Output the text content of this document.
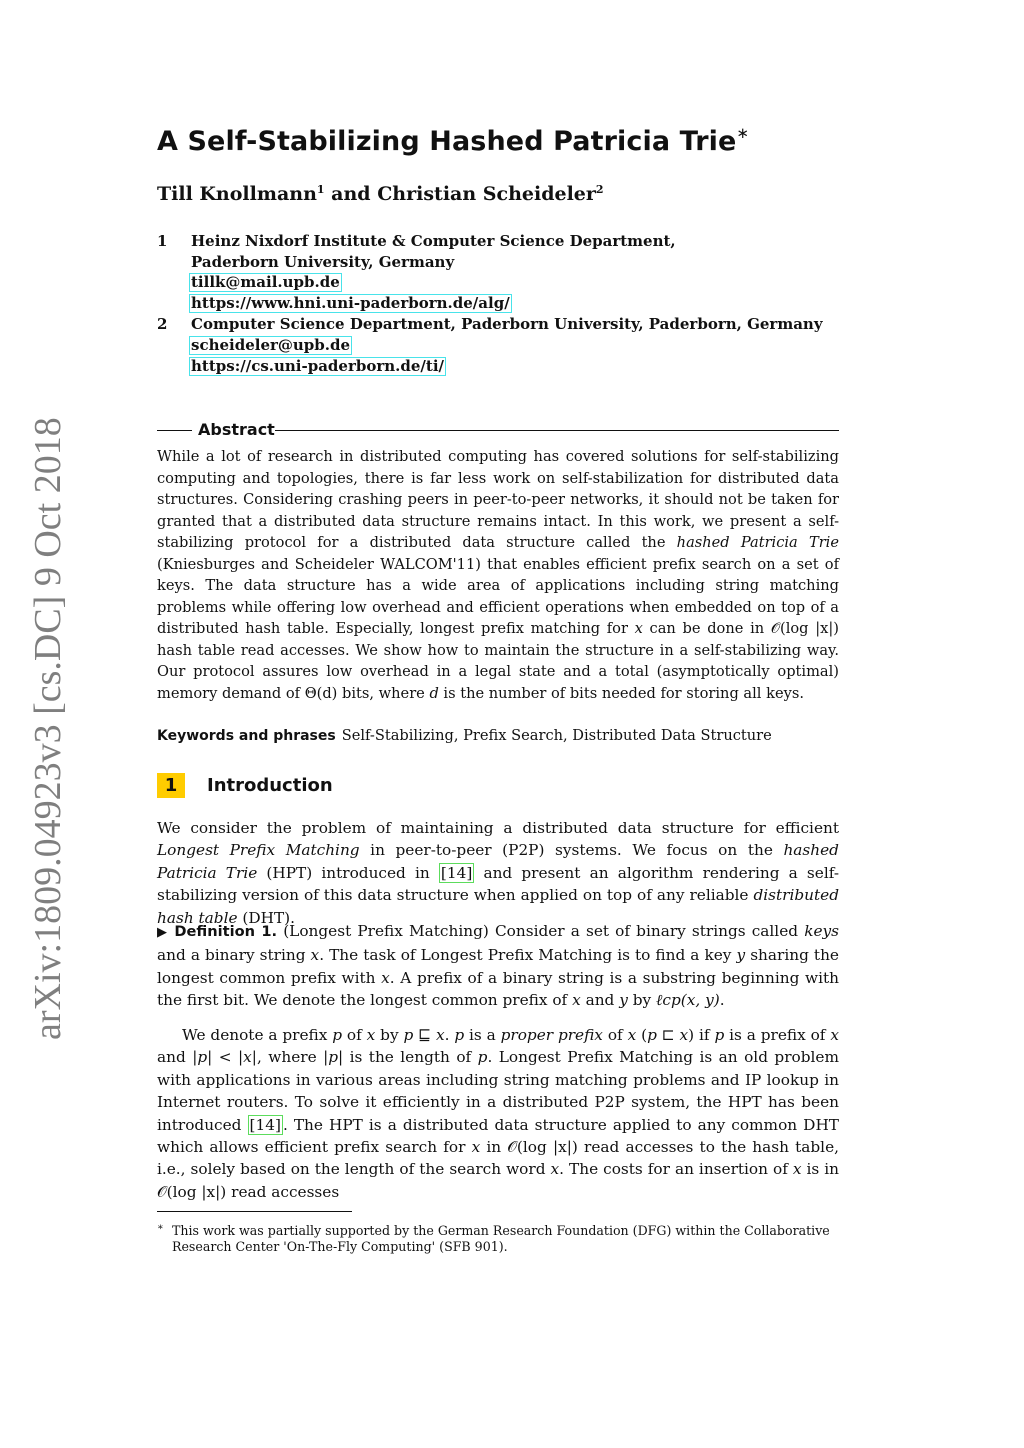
arXiv:1809.04923v3 [cs.DC] 9 Oct 2018
A Self-Stabilizing Hashed Patricia Trie∗
Till Knollmann$^1$ and Christian Scheideler$^2$
1 Heinz Nixdorf Institute & Computer Science Department,
Paderborn University, Germany
tillk@mail.upb.de
https://www.hni.uni-paderborn.de/alg/
2 Computer Science Department, Paderborn University, Paderborn, Germany
scheideler@upb.de
https://cs.uni-paderborn.de/ti/
Abstract
While a lot of research in distributed computing has covered solutions for self-stabilizing computing and topologies, there is far less work on self-stabilization for distributed data structures. Considering crashing peers in peer-to-peer networks, it should not be taken for granted that a distributed data structure remains intact. In this work, we present a self-stabilizing protocol for a distributed data structure called the hashed Patricia Trie (Kniesburges and Scheideler WALCOM'11) that enables efficient prefix search on a set of keys. The data structure has a wide area of applications including string matching problems while offering low overhead and efficient operations when embedded on top of a distributed hash table. Especially, longest prefix matching for x can be done in 𝒪(log |x|) hash table read accesses. We show how to maintain the structure in a self-stabilizing way. Our protocol assures low overhead in a legal state and a total (asymptotically optimal) memory demand of Θ(d) bits, where d is the number of bits needed for storing all keys.
Keywords and phrases Self-Stabilizing, Prefix Search, Distributed Data Structure
1	Introduction
We consider the problem of maintaining a distributed data structure for efficient Longest Prefix Matching in peer-to-peer (P2P) systems. We focus on the hashed Patricia Trie (HPT) introduced in [14] and present an algorithm rendering a self-stabilizing version of this data structure when applied on top of any reliable distributed hash table (DHT).
▶ Definition 1. (Longest Prefix Matching) Consider a set of binary strings called keys and a binary string x. The task of Longest Prefix Matching is to find a key y sharing the longest common prefix with x. A prefix of a binary string is a substring beginning with the first bit. We denote the longest common prefix of x and y by ℓcp(x, y).
We denote a prefix p of x by p ⊑ x. p is a proper prefix of x (p ⊏ x) if p is a prefix of x and |p| < |x|, where |p| is the length of p. Longest Prefix Matching is an old problem with applications in various areas including string matching problems and IP lookup in Internet routers. To solve it efficiently in a distributed P2P system, the HPT has been introduced [14] . The HPT is a distributed data structure applied to any common DHT which allows efficient prefix search for x in 𝒪(log |x|) read accesses to the hash table, i.e., solely based on the length of the search word x. The costs for an insertion of x is in 𝒪(log |x|) read accesses
∗ This work was partially supported by the German Research Foundation (DFG) within the Collaborative Research Center 'On-The-Fly Computing' (SFB 901).
